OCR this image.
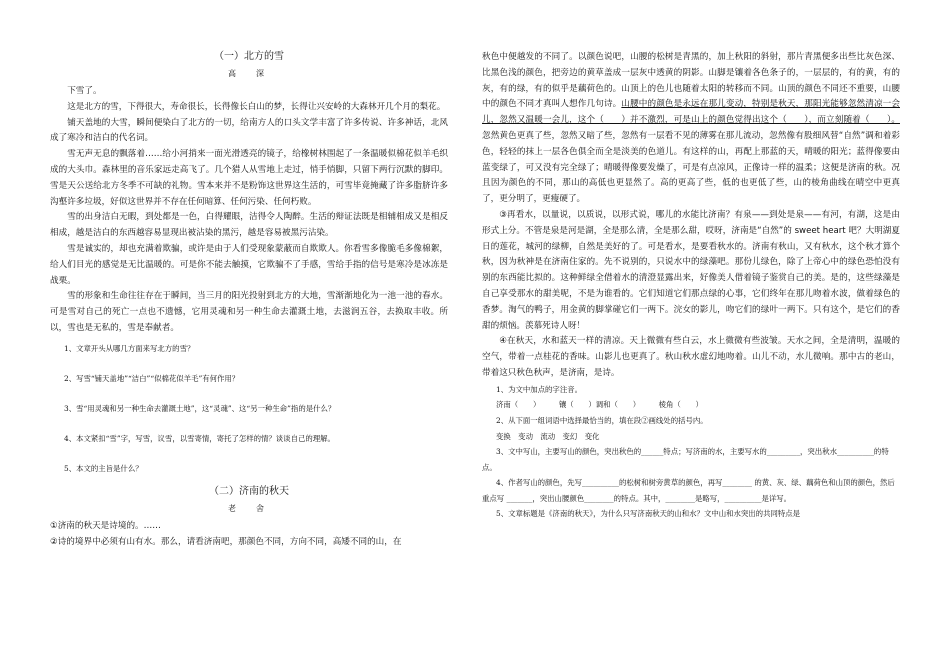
（一）北方的雪

高　深

下雪了。

这是北方的雪，下得很大，寿命很长，长得像长白山的梦，长得让兴安岭的大森林开几个月的梨花。

铺天盖地的大雪，瞬间便染白了北方的一切，给南方人的口头文学丰富了许多传说、许多神话，北风成了寒冷和洁白的代名词。

雪无声无息的飘落着……给小河捎来一面光滑透亮的镜子，给橡树林围起了一条温暖似棉花似羊毛织成的大头巾。森林里的音乐家远走高飞了。几个猎人从雪地上走过，悄手悄脚，只留下两行沉默的脚印。雪是天公送给北方冬季不可缺的礼物。雪本来并不是粉饰这世界这生活的，可雪毕竟掩藏了许多脂脐许多沟壑许多垃圾，好似这世界并不存在任何暗算、任何污染、任何朽败。

雪的出身洁白无暇，到处都是一色，白得耀眼，洁得令人陶醉。生活的辩证法既是相辅相成又是相反相成，越是洁白的东西越容易显现出被沾染的黑污，越是容易被黑污沾染。

雪是诚实的，却也充满着欺骗，或许是由于人们受现象蒙蔽而自欺欺人。你看雪多像脆毛多像棉絮，给人们目光的感觉是无比温暖的。可是你不能去触摸，它欺骗不了手感，雪给手指的信号是寒冷是冰冻是战栗。

雪的形象和生命往往存在于瞬间，当三月的阳光投射到北方的大地，雪渐渐地化为一池一池的春水。可是雪对自己的死亡一点也不遗憾，它用灵魂和另一种生命去灌溉土地，去滋润五谷，去换取丰收。所以，雪也是无私的，雪是奉献者。

1、文章开头从哪几方面来写北方的雪？

2、写雪“铺天盖地”“洁白”“似棉花似羊毛”有何作用？

3、雪“用灵魂和另一种生命去灌溉土地”，这“灵魂”、这“另一种生命”指的是什么？

4、本文紧扣“雪”字，写雪，议雪，以雪寄情，寄托了怎样的情？谈谈自己的理解。

5、本文的主旨是什么？

（二）济南的秋天

老　舍

①济南的秋天是诗境的。……

②诗的境界中必须有山有水。那么，请看济南吧，那颜色不同，方向不同，高矮不同的山，在

秋色中便越发的不同了。以颜色说吧，山腰的松树是青黑的，加上秋阳的斜射，那片青黑便多出些比灰色深、比黑色浅的颜色，把旁边的黄草盖成一层灰中透黄的阴影。山脚是镶着各色条子的，一层层的，有的黄，有的灰，有的绿，有的似乎是藕荷色的。山顶上的色儿也随着太阳的转移而不同。山顶的颜色不同还不重要，山腰中的颜色不同才真叫人想作几句诗。山腰中的颜色是永远在那儿变动，特别是秋天，那阳光能够忽然清凉一会儿，忽然又温暖一会儿，这个（　　）并不激烈，可是山上的颜色觉得出这个（　　），而立刻随着（　　）。忽然黄色更真了些，忽然又暗了些，忽然有一层看不见的薄雾在那儿流动，忽然像有股细风替“自然”调和着彩色，轻轻的抹上一层各色俱全而全是淡美的色道儿。有这样的山，再配上那蓝的天，晴暖的阳光；蓝得像要由蓝变绿了，可又没有完全绿了；晴暖得像要发燥了，可是有点凉风，正像诗一样的温柔；这便是济南的秋。况且因为颜色的不同，那山的高低也更显然了。高的更高了些，低的也更低了些，山的棱角曲线在晴空中更真了，更分明了，更瘦硬了。

③再看水，以量说，以质说，以形式说，哪儿的水能比济南？有泉——到处是泉——有河，有湖，这是由形式上分。不管是泉是河是湖，全是那么清，全是那么甜，哎呀，济南是“自然”的 sweet heart 吧？大明湖夏日的莲花，城河的绿柳，自然是美好的了。可是看水，是要看秋水的。济南有秋山，又有秋水，这个秋才算个秋，因为秋神是在济南住家的。先不说别的，只说水中的绿藻吧。那份儿绿色，除了上帝心中的绿色恐怕没有别的东西能比拟的。这种鲜绿全借着水的清澄显露出来，好像美人借着镜子鉴赏自己的美。是的，这些绿藻是自己享受那水的甜美呢，不是为谁看的。它们知道它们那点绿的心事，它们终年在那儿吻着水波，做着绿色的香梦。淘气的鸭子，用金黄的脚掌碰它们一两下。浣女的影儿，吻它们的绿叶一两下。只有这个，是它们的香甜的烦恼。羡慕死诗人呀！

④在秋天，水和蓝天一样的清凉。天上微微有些白云，水上微微有些波皱。天水之间，全是清明，温暖的空气，带着一点桂花的香味。山影儿也更真了。秋山秋水虚幻地吻着。山儿不动，水儿微响。那中古的老山，带着这只秋色秋声，是济南，是诗。

1、为文中加点的字注音。

济南（　　）　　　镶（　　）调和（　　）　　　棱角（　　）

2、从下面一组词语中选择最恰当的，填在段②画线处的括号内。

变换　变动　流动　变幻　变化

3、文中写山，主要写山的颜色，突出秋色的______特点；写济南的水，主要写水的_________，突出秋水__________的特点。

4、作者写山的颜色，先写__________的松树和树旁黄草的颜色，再写________ 的黄、灰、绿、藕荷色和山顶的颜色，然后重点写 _______，突出山腰颜色________的特点。其中，________是略写，__________是详写。

5、文章标题是《济南的秋天》，为什么只写济南秋天的山和水？文中山和水突出的共同特点是
